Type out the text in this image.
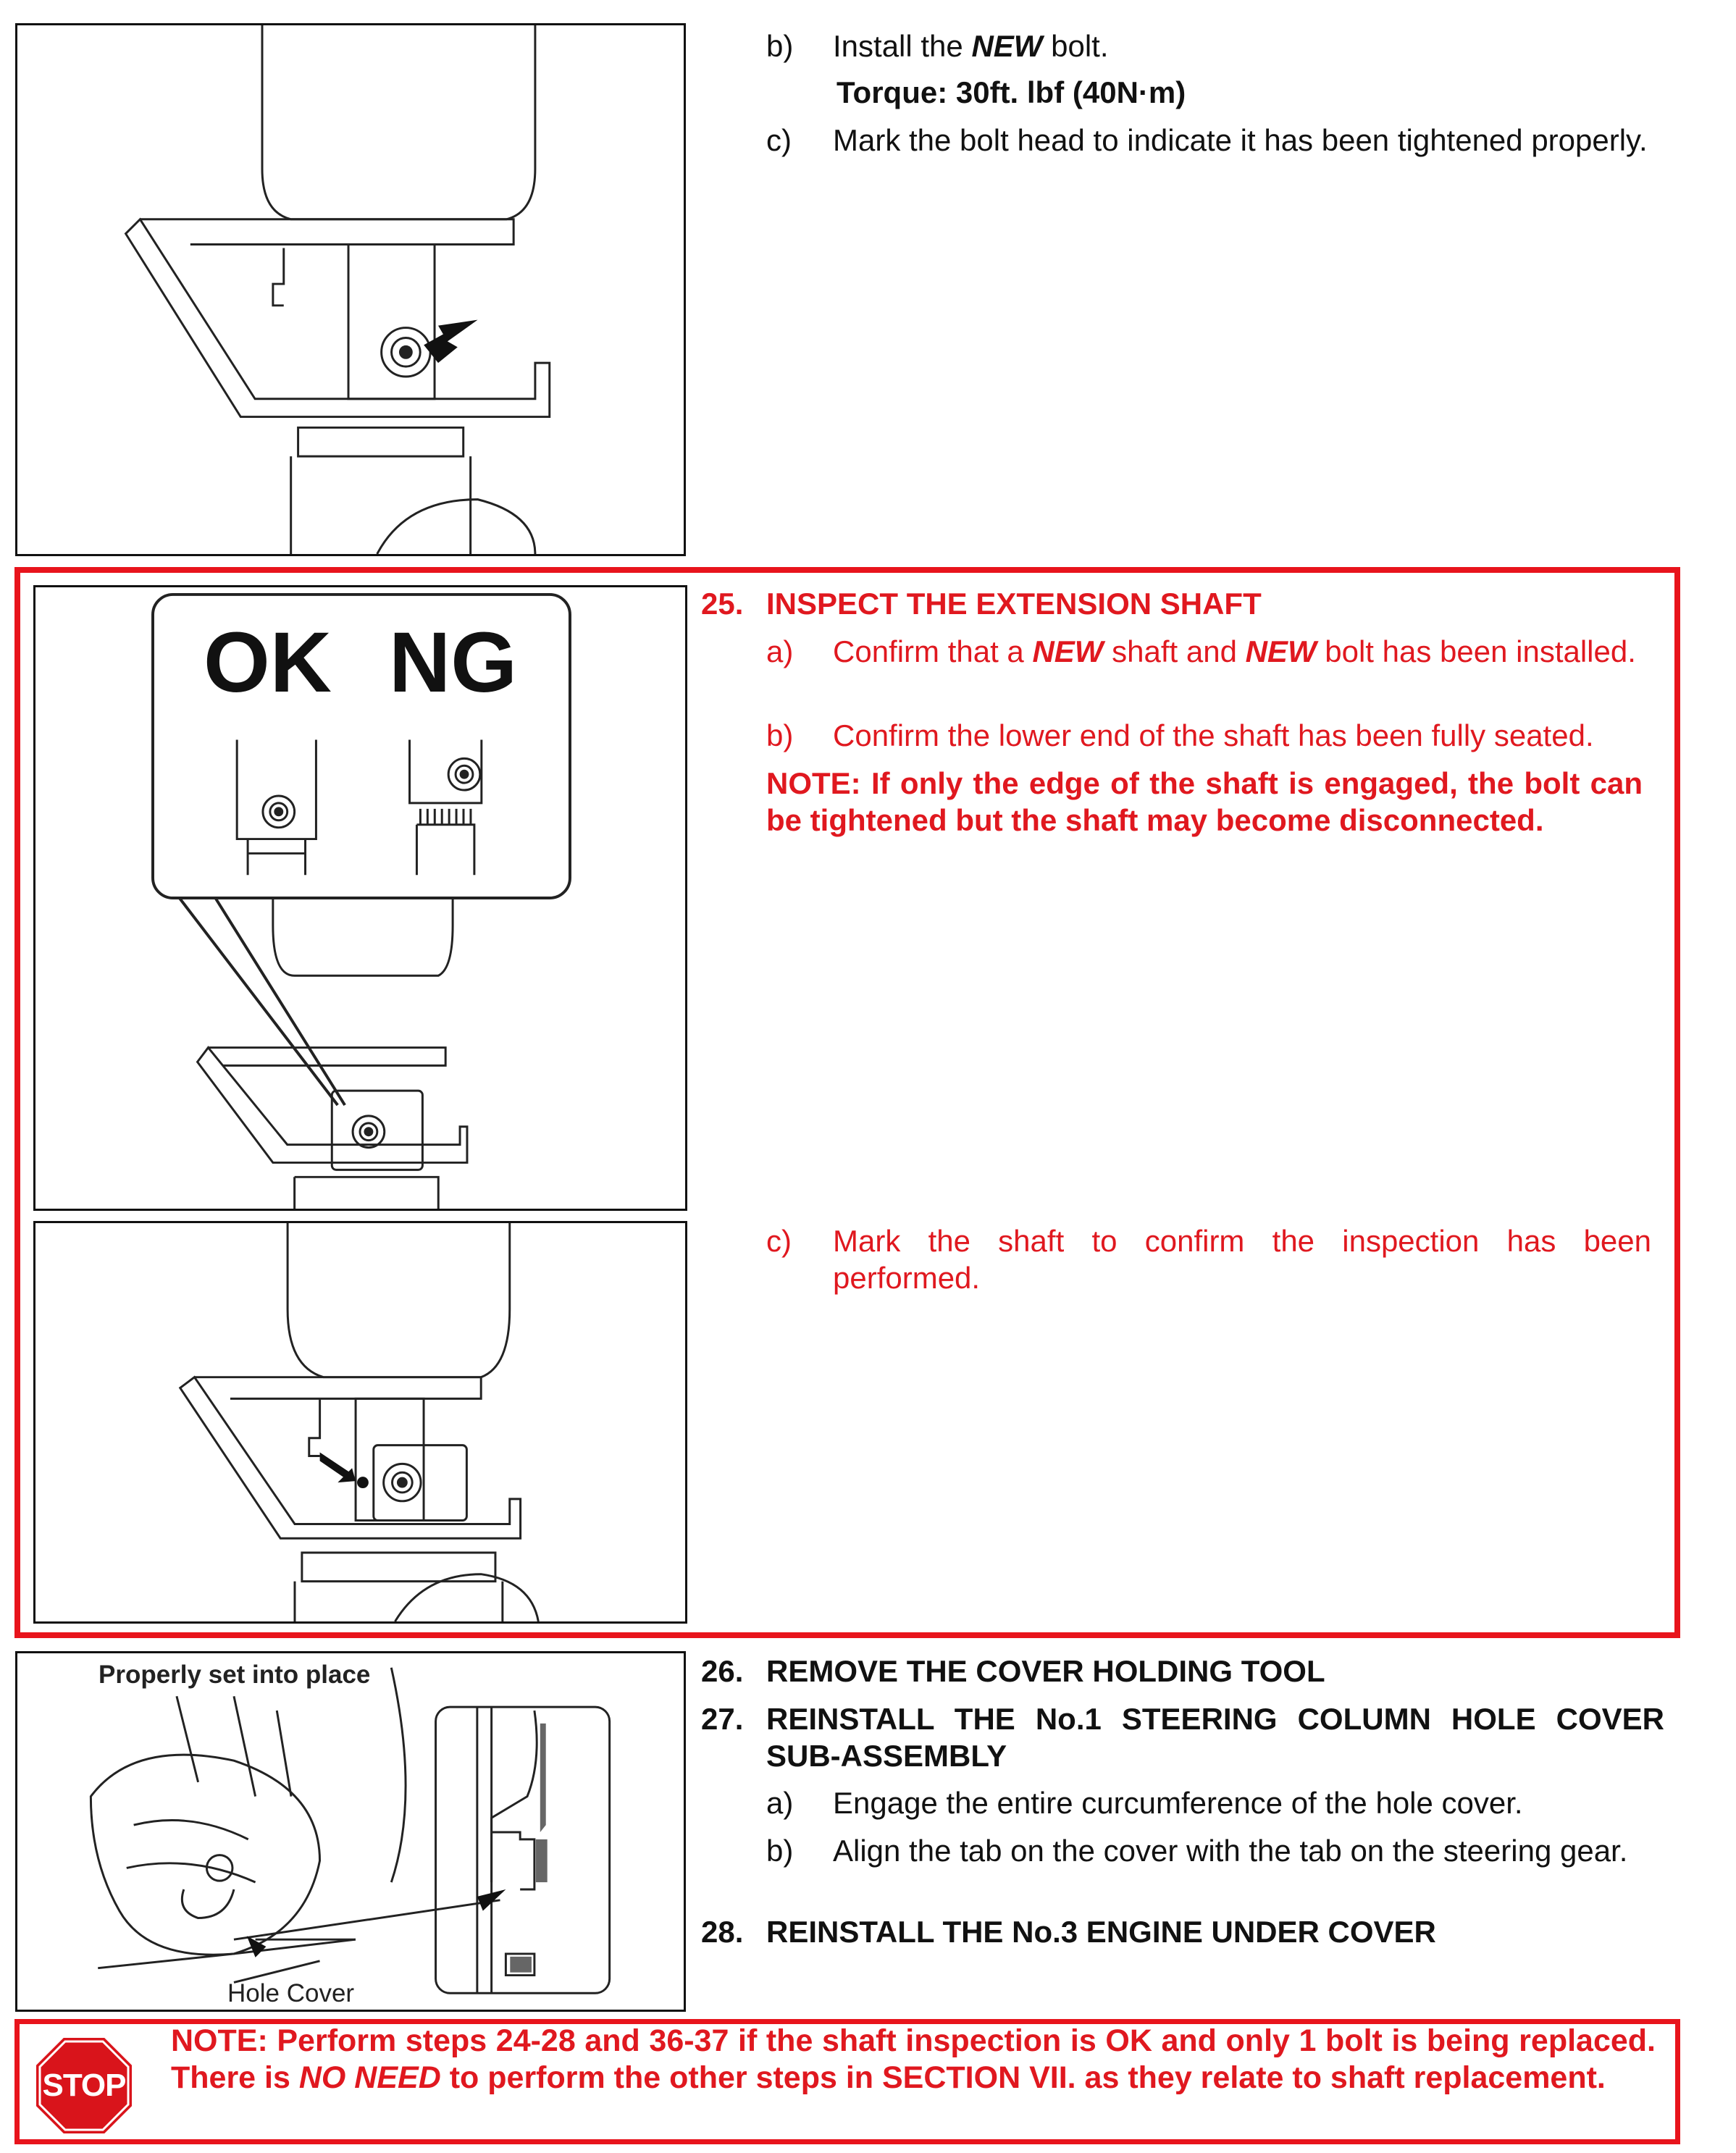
b)	Install the NEW bolt.
Torque: 30ft. lbf (40N·m)
c)	Mark the bolt head to indicate it has been tightened properly.
OK NG
25. INSPECT THE EXTENSION SHAFT
a)	Confirm that a NEW shaft and NEW bolt has been installed.
b)	Confirm the lower end of the shaft has been fully seated.
NOTE: If only the edge of the shaft is engaged, the bolt can be tightened but the shaft may become disconnected.
c)	Mark the shaft to confirm the inspection has been performed.
Properly set into place
Hole Cover
26. REMOVE THE COVER HOLDING TOOL
27. REINSTALL THE No.1 STEERING COLUMN HOLE COVER SUB-ASSEMBLY
a)	Engage the entire curcumference of the hole cover.
b)	Align the tab on the cover with the tab on the steering gear.
28. REINSTALL THE No.3 ENGINE UNDER COVER
STOP
NOTE: Perform steps 24-28 and 36-37 if the shaft inspection is OK and only 1 bolt is being replaced. There is NO NEED to perform the other steps in SECTION VII. as they relate to shaft replacement.
